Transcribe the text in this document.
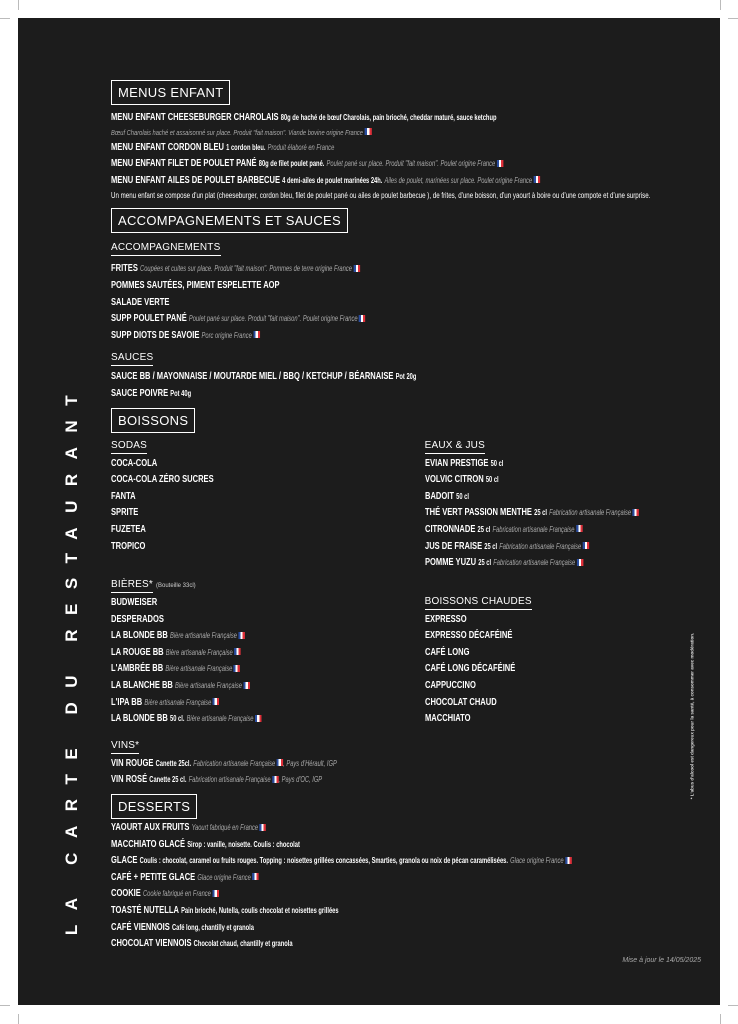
LA CARTE DU RESTAURANT	* L'abus d'alcool est dangereux pour la santé, à consommer avec modération.
MENUS ENFANT
MENU ENFANT CHEESEBURGER CHAROLAIS 80g de haché de bœuf Charolais, pain brioché, cheddar maturé, sauce ketchup
Bœuf Charolais haché et assaisonné sur place. Produit "fait maison". Viande bovine origine France
MENU ENFANT CORDON BLEU 1 cordon bleu. Produit élaboré en France
MENU ENFANT FILET DE POULET PANÉ 80g de filet poulet pané. Poulet pané sur place. Produit "fait maison". Poulet origine France
MENU ENFANT AILES DE POULET BARBECUE 4 demi-ailes de poulet marinées 24h. Ailes de poulet, marinées sur place. Poulet origine France
Un menu enfant se compose d'un plat (cheeseburger, cordon bleu, filet de poulet pané ou ailes de poulet barbecue ), de frites, d'une boisson, d'un yaourt à boire ou d'une compote et d'une surprise.
ACCOMPAGNEMENTS ET SAUCES
ACCOMPAGNEMENTS
FRITES Coupées et cuites sur place. Produit "fait maison". Pommes de terre origine France
POMMES SAUTÉES, PIMENT ESPELETTE AOP
SALADE VERTE
SUPP POULET PANÉ Poulet pané sur place. Produit "fait maison". Poulet origine France
SUPP DIOTS DE SAVOIE Porc origine France
SAUCES
SAUCE BB / MAYONNAISE / MOUTARDE MIEL / BBQ / KETCHUP / BÉARNAISE Pot 20g
SAUCE POIVRE Pot 40g
BOISSONS
SODAS
COCA-COLA
COCA-COLA ZÉRO SUCRES
FANTA
SPRITE
FUZETEA
TROPICO
BIÈRES* (Bouteille 33cl)
BUDWEISER
DESPERADOS
LA BLONDE BB Bière artisanale Française
LA ROUGE BB Bière artisanale Française
L'AMBRÉE BB Bière artisanale Française
LA BLANCHE BB Bière artisanale Française
L'IPA BB Bière artisanale Française
LA BLONDE BB 50 cl. Bière artisanale Française
VINS*
VIN ROUGE Canette 25cl. Fabrication artisanale Française , Pays d'Hérault, IGP
VIN ROSÉ Canette 25 cl. Fabrication artisanale Française , Pays d'OC, IGP
EAUX & JUS
EVIAN PRESTIGE 50 cl
VOLVIC CITRON 50 cl
BADOIT 50 cl
THÉ VERT PASSION MENTHE 25 cl Fabrication artisanale Française
CITRONNADE 25 cl Fabrication artisanale Française
JUS DE FRAISE 25 cl Fabrication artisanale Française
POMME YUZU 25 cl Fabrication artisanale Française
BOISSONS CHAUDES
EXPRESSO
EXPRESSO DÉCAFÉINÉ
CAFÉ LONG
CAFÉ LONG DÉCAFÉINÉ
CAPPUCCINO
CHOCOLAT CHAUD
MACCHIATO
DESSERTS
YAOURT AUX FRUITS Yaourt fabriqué en France
MACCHIATO GLACÉ Sirop : vanille, noisette. Coulis : chocolat
GLACE Coulis : chocolat, caramel ou fruits rouges. Topping : noisettes grillées concassées, Smarties, granola ou noix de pécan caramélisées. Glace origine France
CAFÉ + PETITE GLACE Glace origine France
COOKIE Cookie fabriqué en France
TOASTÉ NUTELLA Pain brioché, Nutella, coulis chocolat et noisettes grillées
CAFÉ VIENNOIS Café long, chantilly et granola
CHOCOLAT VIENNOIS Chocolat chaud, chantilly et granola
Mise à jour le 14/05/2025
